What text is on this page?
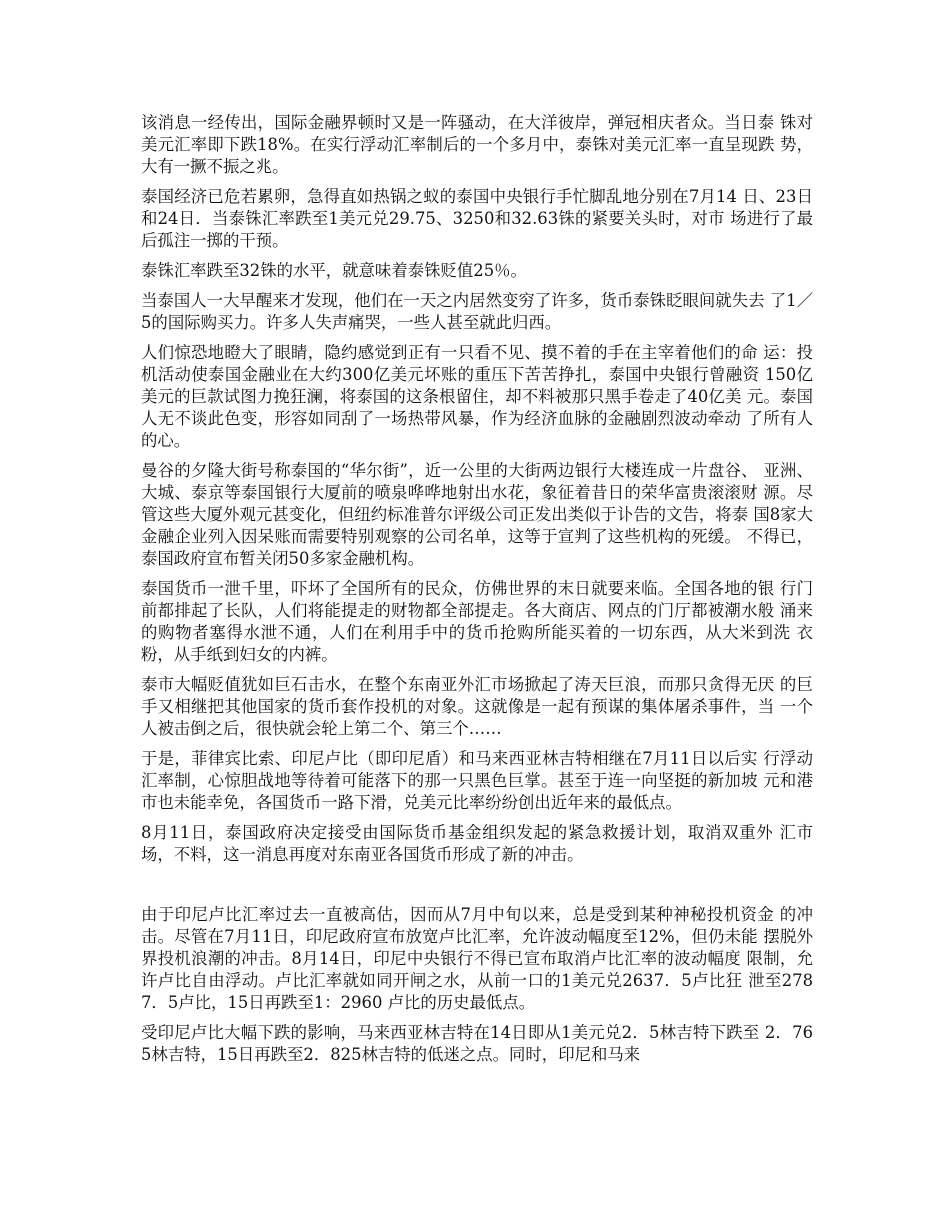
该消息一经传出，国际金融界顿时又是一阵骚动，在大洋彼岸，弹冠相庆者众。当日泰 铢对美元汇率即下跌18%。在实行浮动汇率制后的一个多月中，泰铢对美元汇率一直呈现跌 势，大有一撅不振之兆。

泰国经济已危若累卵，急得直如热锅之蚁的泰国中央银行手忙脚乱地分别在7月14 日、23日和24日．当泰铢汇率跌至1美元兑29.75、3250和32.63铢的紧要关头时，对市 场进行了最后孤注一掷的干预。

泰铢汇率跌至32铢的水平，就意味着泰铢贬值25％。

当泰国人一大早醒来才发现，他们在一天之内居然变穷了许多，货币泰铢眨眼间就失去 了1／5的国际购买力。许多人失声痛哭，一些人甚至就此归西。

人们惊恐地瞪大了眼睛，隐约感觉到正有一只看不见、摸不着的手在主宰着他们的命 运：投机活动使泰国金融业在大约300亿美元坏账的重压下苦苦挣扎，泰国中央银行曾融资 150亿美元的巨款试图力挽狂澜，将泰国的这条根留住，却不料被那只黑手卷走了40亿美 元。泰国人无不谈此色变，形容如同刮了一场热带风暴，作为经济血脉的金融剧烈波动牵动 了所有人的心。

曼谷的夕隆大街号称泰国的“华尔街”，近一公里的大街两边银行大楼连成一片盘谷、 亚洲、大城、泰京等泰国银行大厦前的喷泉哗哗地射出水花，象征着昔日的荣华富贵滚滚财 源。尽管这些大厦外观元甚变化，但纽约标准普尔评级公司正发出类似于讣告的文告，将泰 国8家大金融企业列入因呆账而需要特别观察的公司名单，这等于宣判了这些机构的死缓。 不得已，泰国政府宣布暂关闭50多家金融机构。

泰国货币一泄千里，吓坏了全国所有的民众，仿佛世界的末日就要来临。全国各地的银 行门前都排起了长队，人们将能提走的财物都全部提走。各大商店、网点的门厅都被潮水般 涌来的购物者塞得水泄不通，人们在利用手中的货币抢购所能买着的一切东西，从大米到洗 衣粉，从手纸到妇女的内裤。

泰市大幅贬值犹如巨石击水，在整个东南亚外汇市场掀起了涛天巨浪，而那只贪得无厌 的巨手又相继把其他国家的货币套作投机的对象。这就像是一起有预谋的集体屠杀事件，当 一个人被击倒之后，很快就会轮上第二个、第三个……

于是，菲律宾比索、印尼卢比（即印尼盾）和马来西亚林吉特相继在7月11日以后实 行浮动汇率制，心惊胆战地等待着可能落下的那一只黑色巨掌。甚至于连一向坚挺的新加坡 元和港市也未能幸免，各国货币一路下滑，兑美元比率纷纷创出近年来的最低点。

8月11日，泰国政府决定接受由国际货币基金组织发起的紧急救援计划，取消双重外 汇市场，不料，这一消息再度对东南亚各国货币形成了新的冲击。

由于印尼卢比汇率过去一直被高估，因而从7月中旬以来，总是受到某种神秘投机资金 的冲击。尽管在7月11日，印尼政府宣布放宽卢比汇率，允许波动幅度至12%，但仍未能 摆脱外界投机浪潮的冲击。8月14日，印尼中央银行不得已宣布取消卢比汇率的波动幅度 限制，允许卢比自由浮动。卢比汇率就如同开闸之水，从前一口的1美元兑2637．5卢比狂 泄至2787．5卢比，15日再跌至1：2960 卢比的历史最低点。

受印尼卢比大幅下跌的影响，马来西亚林吉特在14日即从1美元兑2．5林吉特下跌至 2．765林吉特，15日再跌至2．825林吉特的低迷之点。同时，印尼和马来
